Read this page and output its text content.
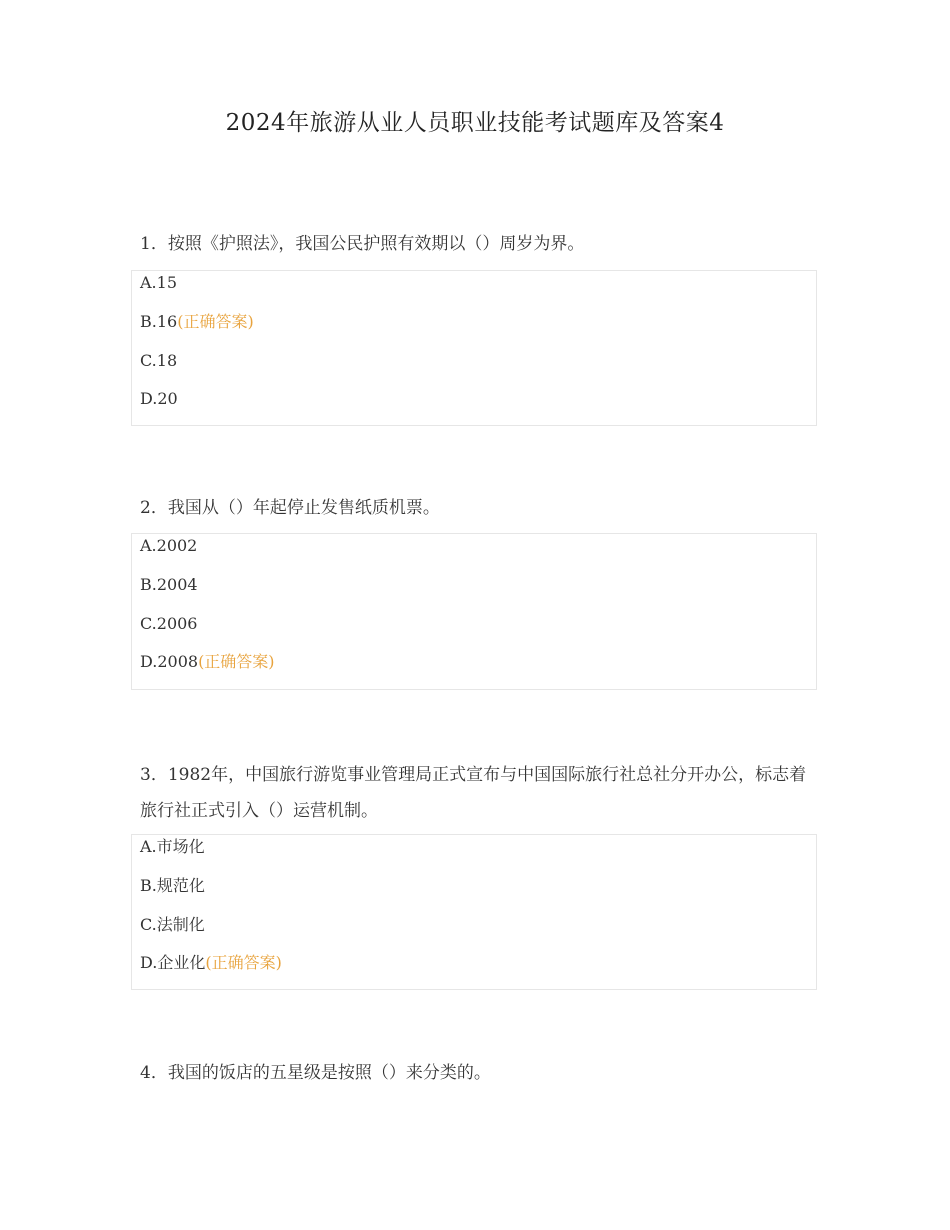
2024年旅游从业人员职业技能考试题库及答案4
1．按照《护照法》，我国公民护照有效期以（）周岁为界。
A.15
B.16(正确答案)
C.18
D.20
2．我国从（）年起停止发售纸质机票。
A.2002
B.2004
C.2006
D.2008(正确答案)
3．1982年，中国旅行游览事业管理局正式宣布与中国国际旅行社总社分开办公，标志着旅行社正式引入（）运营机制。
A.市场化
B.规范化
C.法制化
D.企业化(正确答案)
4．我国的饭店的五星级是按照（）来分类的。
